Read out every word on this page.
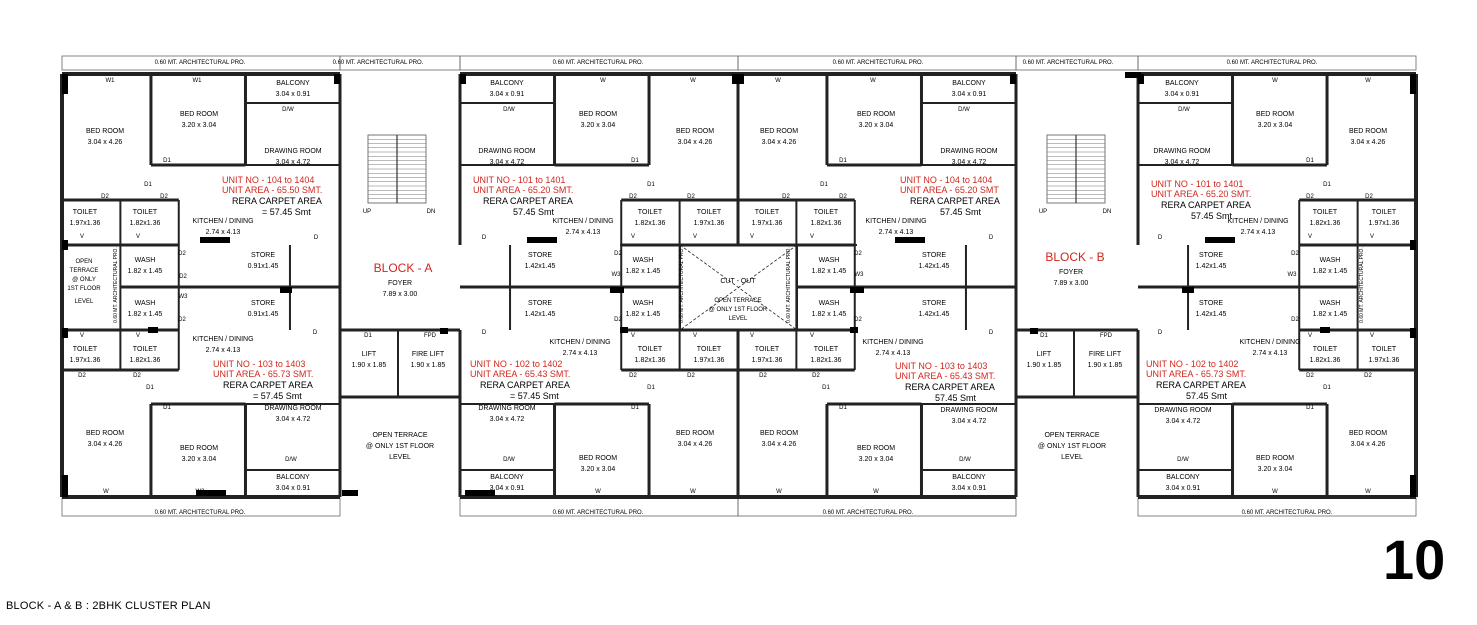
0.60 MT. ARCHITECTURAL PRO.	0.60 MT. ARCHITECTURAL PRO.	0.60 MT. ARCHITECTURAL PRO.	0.60 MT. ARCHITECTURAL PRO.	0.60 MT. ARCHITECTURAL PRO.	0.60 MT. ARCHITECTURAL PRO.
0.60 MT. ARCHITECTURAL PRO.	0.60 MT. ARCHITECTURAL PRO.	0.60 MT. ARCHITECTURAL PRO.	0.60 MT. ARCHITECTURAL PRO.
0.60 MT. ARCHITECTURAL PRO.	0.60 MT. ARCHITECTURAL PRO.	0.60 MT. ARCHITECTURAL PRO.	0.60 MT. ARCHITECTURAL PRO.
BED ROOM
3.04 x 4.26
BED ROOM
3.20 x 3.04
DRAWING ROOM
3.04 x 4.72
BALCONY
3.04 x 0.91
TOILET
1.97x1.36
TOILET
1.82x1.36	KITCHEN / DINING
2.74 x 4.13
WASH
1.82 x 1.45
STORE
0.91x1.45
WASH
1.82 x 1.45
STORE
0.91x1.45
OPEN
TERRACE
@ ONLY
1ST FLOOR
LEVEL
UNIT NO - 104 to 1404
UNIT AREA - 65.50 SMT.
RERA CARPET AREA
= 57.45 Smt
TOILET
1.97x1.36
TOILET
1.82x1.36
KITCHEN / DINING
2.74 x 4.13
BED ROOM
3.04 x 4.26
BED ROOM
3.20 x 3.04
DRAWING ROOM
3.04 x 4.72
BALCONY
3.04 x 0.91
UNIT NO - 103 to 1403
UNIT AREA - 65.73 SMT.
RERA CARPET AREA
= 57.45 Smt
BLOCK - A
FOYER
7.89 x 3.00
LIFT
1.90 x 1.85
FIRE LIFT
1.90 x 1.85
OPEN TERRACE
@ ONLY 1ST FLOOR
LEVEL
BALCONY
3.04 x 0.91
DRAWING ROOM
3.04 x 4.72
BED ROOM
3.20 x 3.04
BED ROOM
3.04 x 4.26
TOILET
1.82x1.36
TOILET
1.97x1.36
KITCHEN / DINING
2.74 x 4.13
STORE
1.42x1.45
WASH
1.82 x 1.45
STORE
1.42x1.45
WASH
1.82 x 1.45
UNIT NO - 101 to 1401
UNIT AREA - 65.20 SMT.
RERA CARPET AREA
57.45 Smt
TOILET
1.82x1.36
TOILET
1.97x1.36
KITCHEN / DINING
2.74 x 4.13
DRAWING ROOM
3.04 x 4.72
BALCONY
3.04 x 0.91
BED ROOM
3.20 x 3.04
BED ROOM
3.04 x 4.26
UNIT NO - 102 to 1402
UNIT AREA - 65.43 SMT.
RERA CARPET AREA
= 57.45 Smt
CUT - OUT
OPEN TERRACE
@ ONLY 1ST FLOOR
LEVEL
BED ROOM
3.04 x 4.26
BED ROOM
3.20 x 3.04
DRAWING ROOM
3.04 x 4.72
BALCONY
3.04 x 0.91
TOILET
1.97x1.36
TOILET
1.82x1.36	KITCHEN / DINING
2.74 x 4.13
WASH
1.82 x 1.45
STORE
1.42x1.45
WASH
1.82 x 1.45
STORE
1.42x1.45
UNIT NO - 104 to 1404
UNIT AREA - 65.20 SMT
RERA CARPET AREA
57.45 Smt
TOILET
1.97x1.36
TOILET
1.82x1.36
KITCHEN / DINING
2.74 x 4.13
BED ROOM
3.04 x 4.26
BED ROOM
3.20 x 3.04
DRAWING ROOM
3.04 x 4.72
BALCONY
3.04 x 0.91
UNIT NO - 103 to 1403
UNIT AREA - 65.43 SMT.
RERA CARPET AREA
57.45 Smt
BLOCK - B
FOYER
7.89 x 3.00
LIFT
1.90 x 1.85
FIRE LIFT
1.90 x 1.85
OPEN TERRACE
@ ONLY 1ST FLOOR
LEVEL
BALCONY
3.04 x 0.91
DRAWING ROOM
3.04 x 4.72
BED ROOM
3.20 x 3.04
BED ROOM
3.04 x 4.26
TOILET
1.82x1.36
TOILET
1.97x1.36
KITCHEN / DINING
2.74 x 4.13
STORE
1.42x1.45
WASH
1.82 x 1.45
STORE
1.42x1.45
WASH
1.82 x 1.45
UNIT NO - 101 to 1401
UNIT AREA - 65.20 SMT.
RERA CARPET AREA
57.45 Smt
TOILET
1.82x1.36
TOILET
1.97x1.36
KITCHEN / DINING
2.74 x 4.13
DRAWING ROOM
3.04 x 4.72
BALCONY
3.04 x 0.91
BED ROOM
3.20 x 3.04
BED ROOM
3.04 x 4.26
UNIT NO - 102 to 1402
UNIT AREA - 65.73 SMT.
RERA CARPET AREA
57.45 Smt
W1	W1
D/W
D1
D1
D2	D2
D
V	V
D2
W3
D2
D2
D
V	V
D2	D2
D1
D1
W	W2
D/W
UP	DN
D1	FPD
D/W
W	W
D1
D1
D2	D2
D	V	V
D2
W3
D2
D	V	V
D2	D2
D1
D1
W	W
D/W
W	W
D/W
D1
D1
D2	D2
D
V	V
D2
W3
D2
D
V	V
D2	D2
D1
D1
W	W
D/W
UP	DN
D1	FPD
D/W
W	W
D1
D1
D2	D2
D	V	V
D2
W3
D2
D	V	V
D2	D2
D1
D1
W	W
D/W
BLOCK - A & B : 2BHK CLUSTER PLAN
10
